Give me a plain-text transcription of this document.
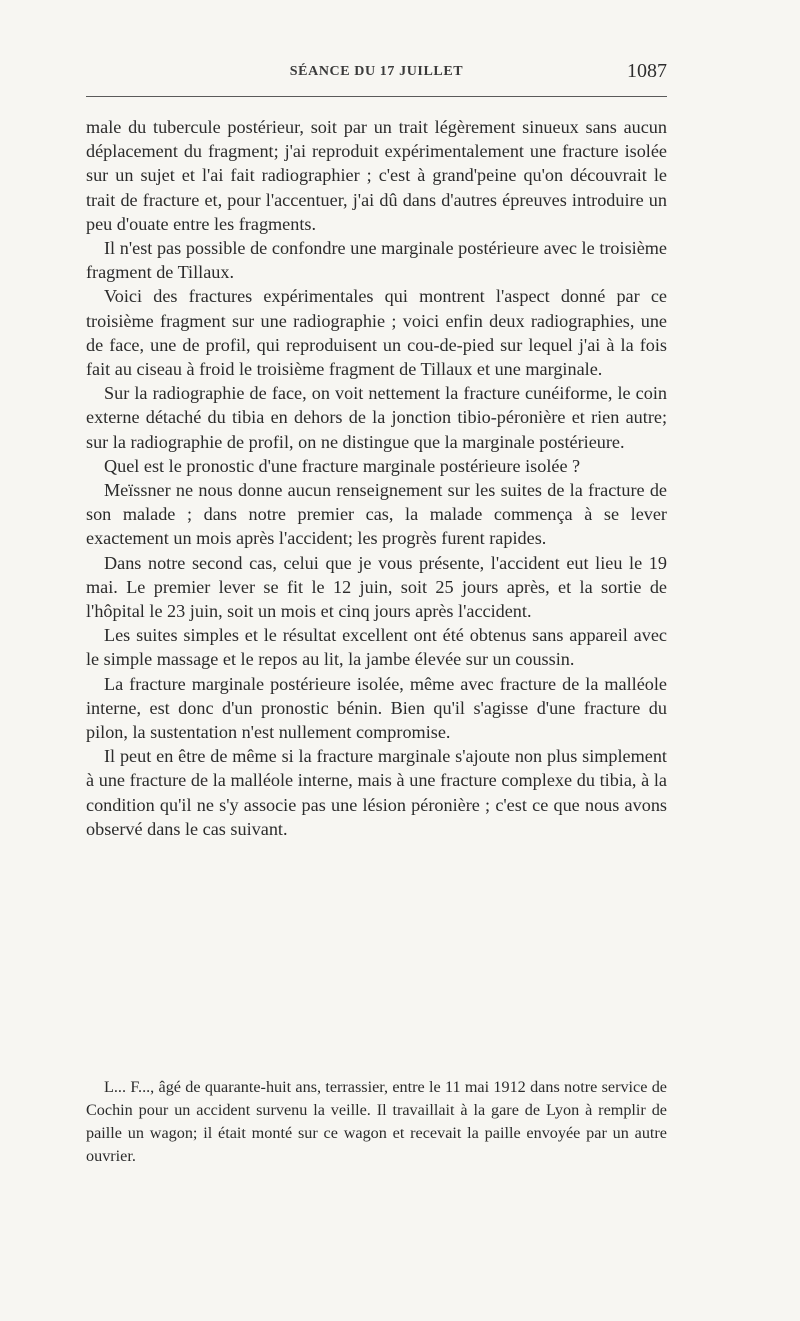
SÉANCE DU 17 JUILLET	1087

male du tubercule postérieur, soit par un trait légèrement sinueux sans aucun déplacement du fragment; j'ai reproduit expérimentalement une fracture isolée sur un sujet et l'ai fait radiographier ; c'est à grand'peine qu'on découvrait le trait de fracture et, pour l'accentuer, j'ai dû dans d'autres épreuves introduire un peu d'ouate entre les fragments.

Il n'est pas possible de confondre une marginale postérieure avec le troisième fragment de Tillaux.

Voici des fractures expérimentales qui montrent l'aspect donné par ce troisième fragment sur une radiographie ; voici enfin deux radiographies, une de face, une de profil, qui reproduisent un cou-de-pied sur lequel j'ai à la fois fait au ciseau à froid le troisième fragment de Tillaux et une marginale.

Sur la radiographie de face, on voit nettement la fracture cunéiforme, le coin externe détaché du tibia en dehors de la jonction tibio-péronière et rien autre; sur la radiographie de profil, on ne distingue que la marginale postérieure.

Quel est le pronostic d'une fracture marginale postérieure isolée ?

Meïssner ne nous donne aucun renseignement sur les suites de la fracture de son malade ; dans notre premier cas, la malade commença à se lever exactement un mois après l'accident; les progrès furent rapides.

Dans notre second cas, celui que je vous présente, l'accident eut lieu le 19 mai. Le premier lever se fit le 12 juin, soit 25 jours après, et la sortie de l'hôpital le 23 juin, soit un mois et cinq jours après l'accident.

Les suites simples et le résultat excellent ont été obtenus sans appareil avec le simple massage et le repos au lit, la jambe élevée sur un coussin.

La fracture marginale postérieure isolée, même avec fracture de la malléole interne, est donc d'un pronostic bénin. Bien qu'il s'agisse d'une fracture du pilon, la sustentation n'est nullement compromise.

Il peut en être de même si la fracture marginale s'ajoute non plus simplement à une fracture de la malléole interne, mais à une fracture complexe du tibia, à la condition qu'il ne s'y associe pas une lésion péronière ; c'est ce que nous avons observé dans le cas suivant.

L... F..., âgé de quarante-huit ans, terrassier, entre le 11 mai 1912 dans notre service de Cochin pour un accident survenu la veille. Il travaillait à la gare de Lyon à remplir de paille un wagon; il était monté sur ce wagon et recevait la paille envoyée par un autre ouvrier.
